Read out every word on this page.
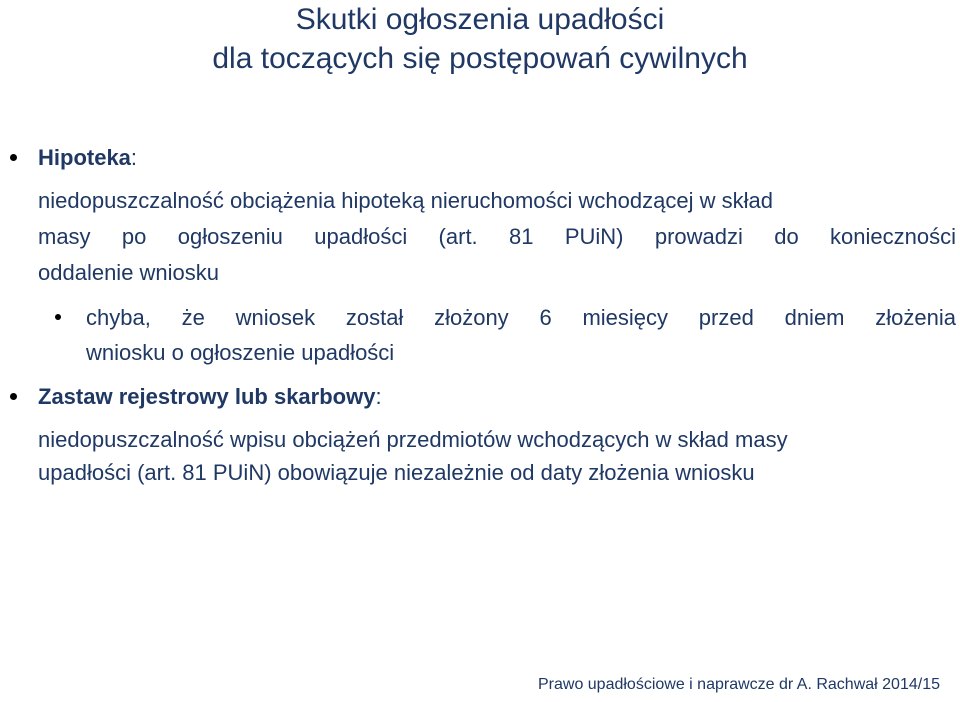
Skutki ogłoszenia upadłości
dla toczących się postępowań cywilnych
Hipoteka:
niedopuszczalność obciążenia hipoteką nieruchomości wchodzącej w skład
masy po ogłoszeniu upadłości (art. 81 PUiN) prowadzi do konieczności
oddalenie wniosku
chyba, że wniosek został złożony 6 miesięcy przed dniem złożenia
wniosku o ogłoszenie upadłości
Zastaw rejestrowy lub skarbowy:
niedopuszczalność wpisu obciążeń przedmiotów wchodzących w skład masy
upadłości (art. 81 PUiN) obowiązuje niezależnie od daty złożenia wniosku
Prawo upadłościowe i naprawcze dr A. Rachwał 2014/15
